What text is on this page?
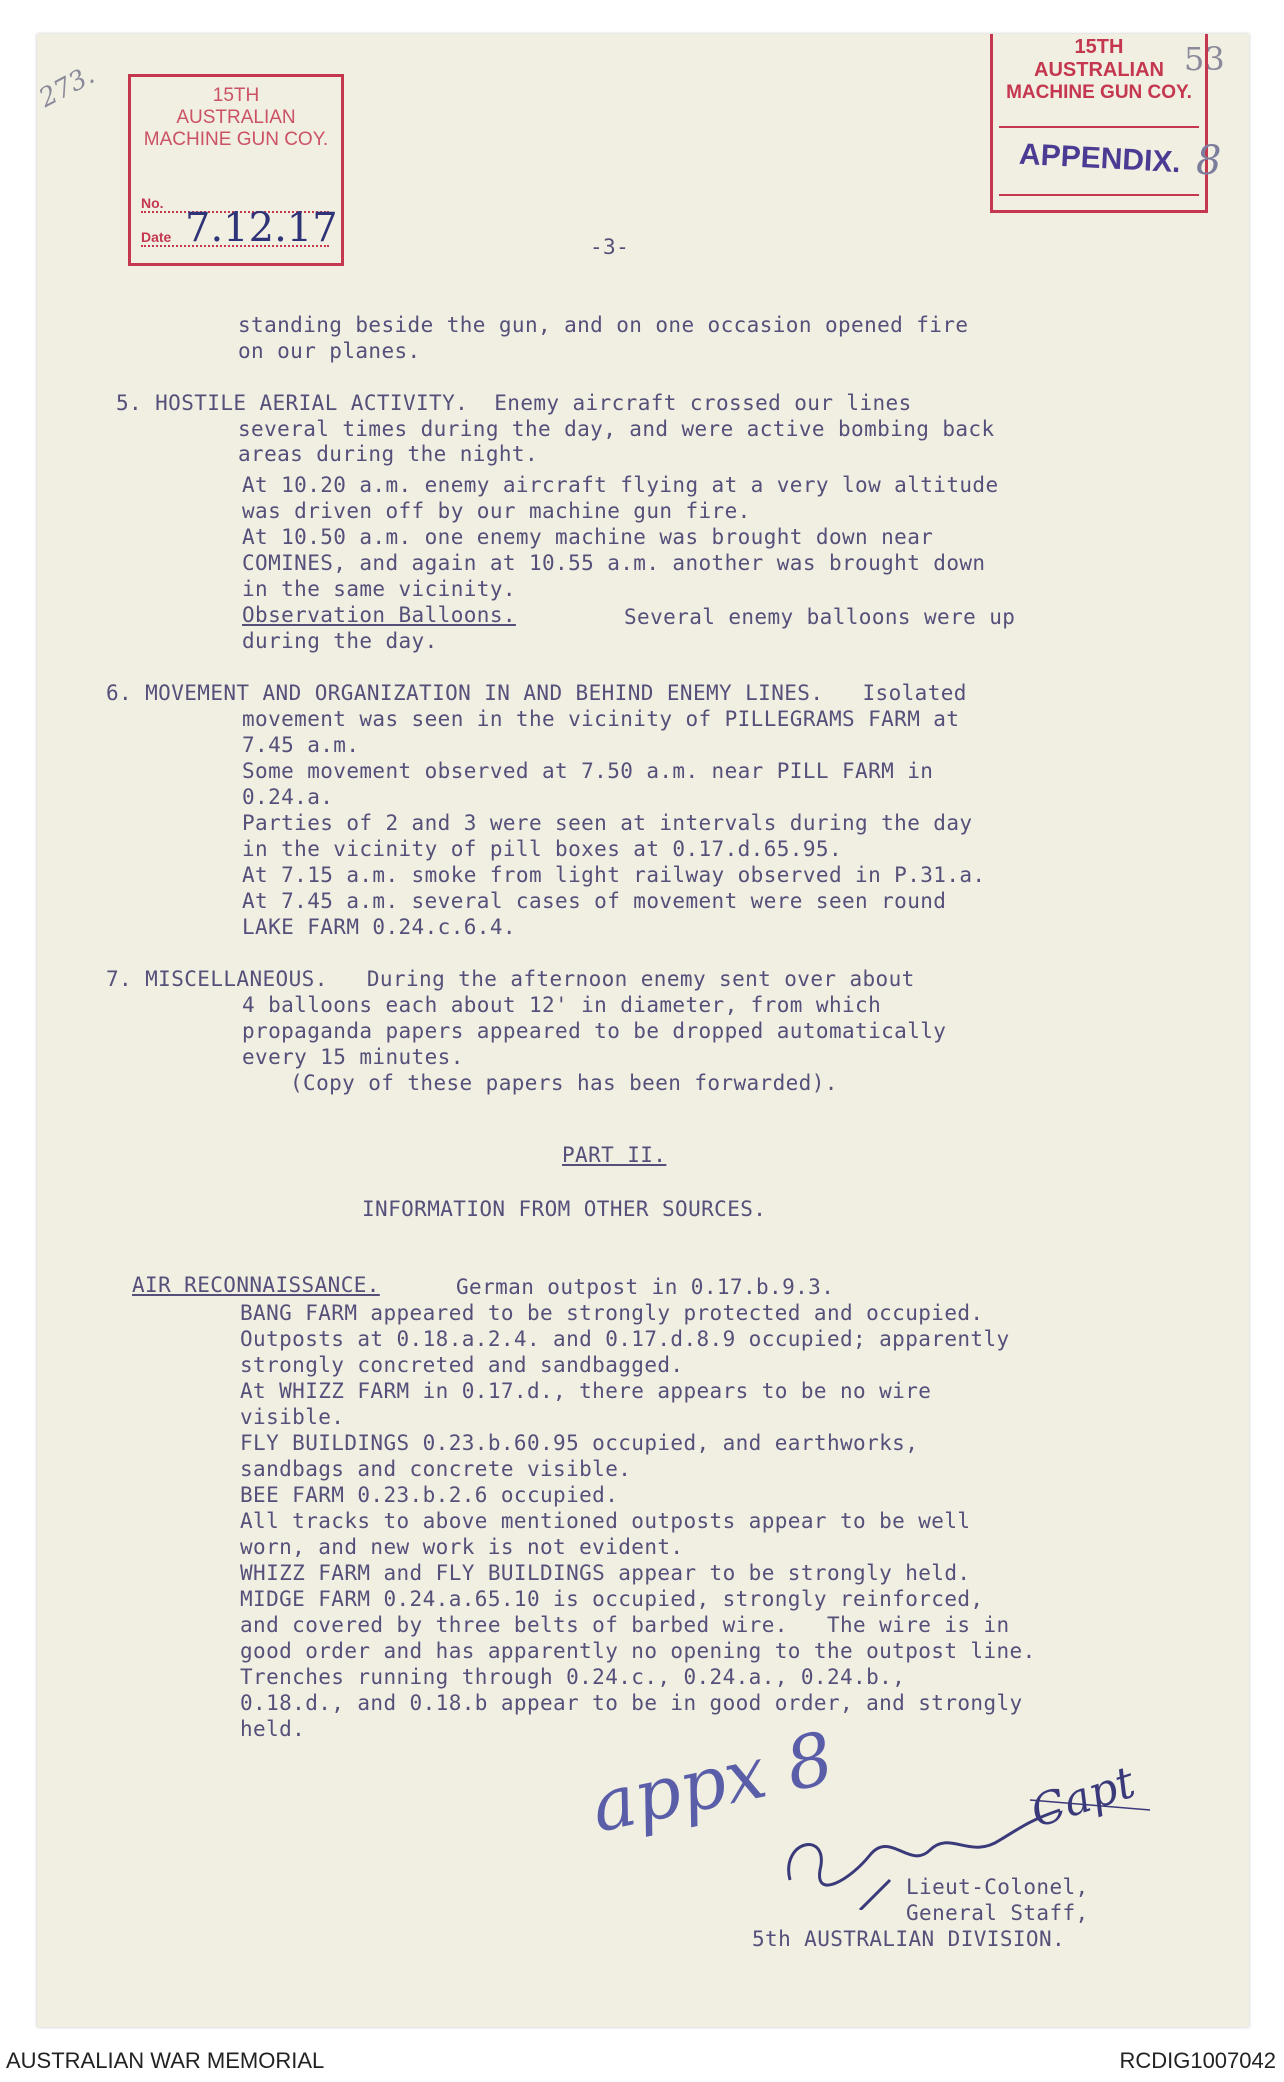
273.
53
15TH
AUSTRALIAN
MACHINE GUN COY.
No.
Date 7.12.17
15TH
AUSTRALIAN
MACHINE GUN COY.
APPENDIX. 8
-3-
standing beside the gun, and on one occasion opened fire
on our planes.
5. HOSTILE AERIAL ACTIVITY.  Enemy aircraft crossed our lines
several times during the day, and were active bombing back
areas during the night.
At 10.20 a.m. enemy aircraft flying at a very low altitude
was driven off by our machine gun fire.
At 10.50 a.m. one enemy machine was brought down near
COMINES, and again at 10.55 a.m. another was brought down
in the same vicinity.
Observation Balloons.	Several enemy balloons were up
during the day.
6. MOVEMENT AND ORGANIZATION IN AND BEHIND ENEMY LINES.   Isolated
movement was seen in the vicinity of PILLEGRAMS FARM at
7.45 a.m.
Some movement observed at 7.50 a.m. near PILL FARM in
0.24.a.
Parties of 2 and 3 were seen at intervals during the day
in the vicinity of pill boxes at 0.17.d.65.95.
At 7.15 a.m. smoke from light railway observed in P.31.a.
At 7.45 a.m. several cases of movement were seen round
LAKE FARM 0.24.c.6.4.
7. MISCELLANEOUS.   During the afternoon enemy sent over about
4 balloons each about 12' in diameter, from which
propaganda papers appeared to be dropped automatically
every 15 minutes.
(Copy of these papers has been forwarded).
PART II.
INFORMATION FROM OTHER SOURCES.
AIR RECONNAISSANCE.	German outpost in 0.17.b.9.3.
BANG FARM appeared to be strongly protected and occupied.
Outposts at 0.18.a.2.4. and 0.17.d.8.9 occupied; apparently
strongly concreted and sandbagged.
At WHIZZ FARM in 0.17.d., there appears to be no wire
visible.
FLY BUILDINGS 0.23.b.60.95 occupied, and earthworks,
sandbags and concrete visible.
BEE FARM 0.23.b.2.6 occupied.
All tracks to above mentioned outposts appear to be well
worn, and new work is not evident.
WHIZZ FARM and FLY BUILDINGS appear to be strongly held.
MIDGE FARM 0.24.a.65.10 is occupied, strongly reinforced,
and covered by three belts of barbed wire.   The wire is in
good order and has apparently no opening to the outpost line.
Trenches running through 0.24.c., 0.24.a., 0.24.b.,
0.18.d., and 0.18.b appear to be in good order, and strongly
held.	appx 8	Capt
Lieut-Colonel,
General Staff,
5th AUSTRALIAN DIVISION.
AUSTRALIAN WAR MEMORIAL	RCDIG1007042
